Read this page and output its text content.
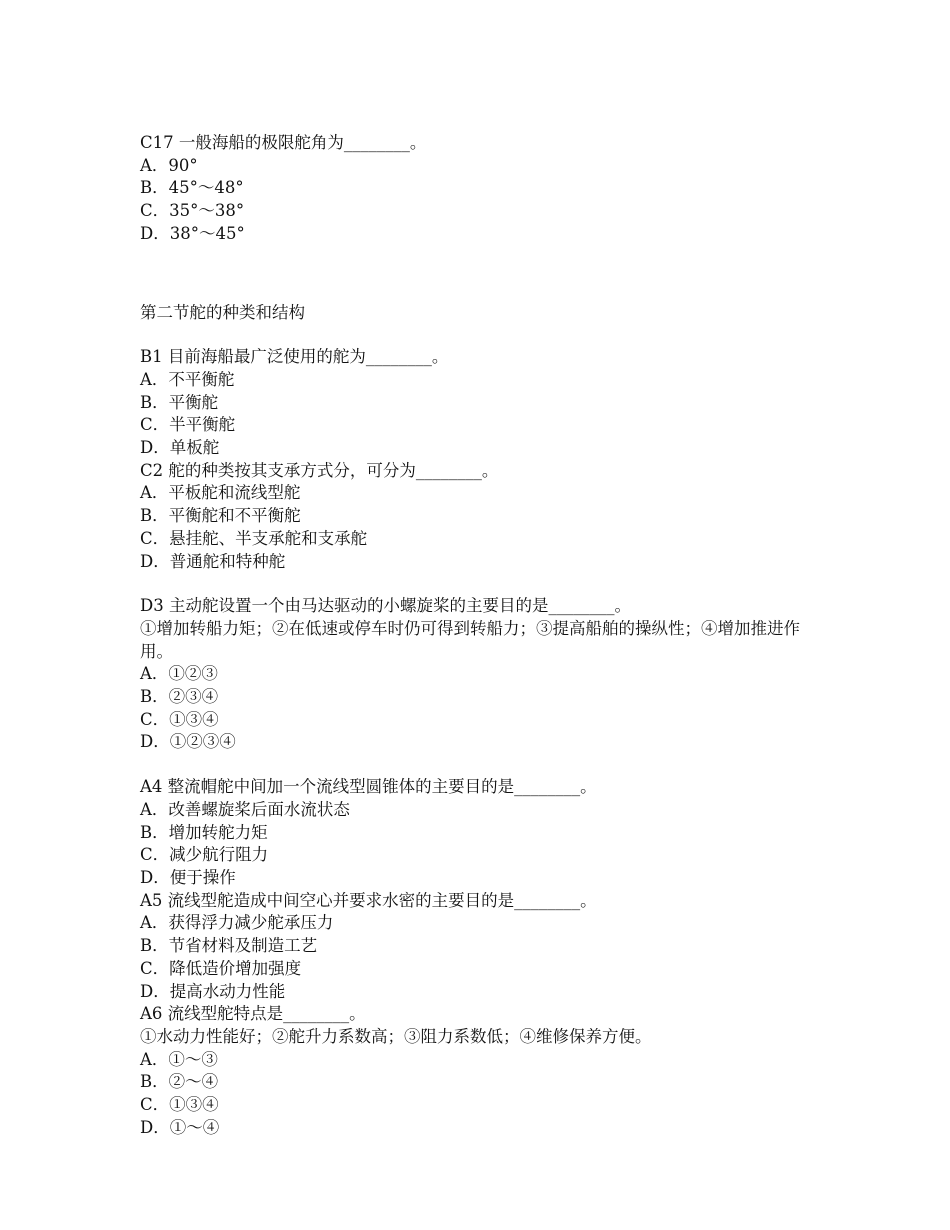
C17 一般海船的极限舵角为________。

A．90°

B．45°～48°

C．35°～38°

D．38°～45°

第二节舵的种类和结构

B1 目前海船最广泛使用的舵为________。

A．不平衡舵

B．平衡舵

C．半平衡舵

D．单板舵

C2 舵的种类按其支承方式分，可分为________。

A．平板舵和流线型舵

B．平衡舵和不平衡舵

C．悬挂舵、半支承舵和支承舵

D．普通舵和特种舵

D3 主动舵设置一个由马达驱动的小螺旋桨的主要目的是________。

①增加转船力矩；②在低速或停车时仍可得到转船力；③提高船舶的操纵性；④增加推进作用。

A．①②③

B．②③④

C．①③④

D．①②③④

A4 整流帽舵中间加一个流线型圆锥体的主要目的是________。

A．改善螺旋桨后面水流状态

B．增加转舵力矩

C．减少航行阻力

D．便于操作

A5 流线型舵造成中间空心并要求水密的主要目的是________。

A．获得浮力减少舵承压力

B．节省材料及制造工艺

C．降低造价增加强度

D．提高水动力性能

A6 流线型舵特点是________。

①水动力性能好；②舵升力系数高；③阻力系数低；④维修保养方便。

A．①～③

B．②～④

C．①③④

D．①～④
